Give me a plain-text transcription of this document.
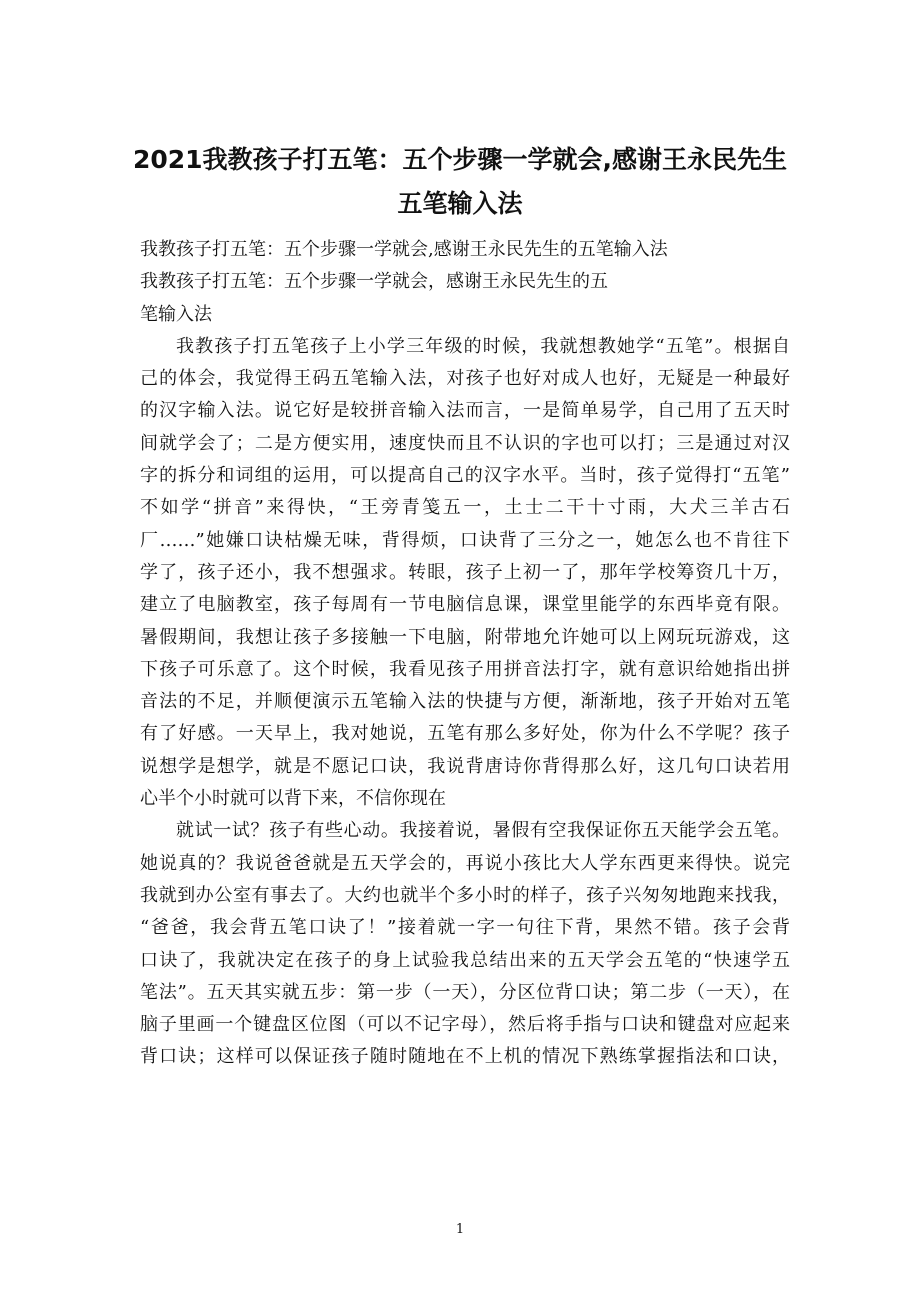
2021我教孩子打五笔：五个步骤一学就会,感谢王永民先生
五笔输入法

我教孩子打五笔：五个步骤一学就会,感谢王永民先生的五笔输入法

我教孩子打五笔：五个步骤一学就会，感谢王永民先生的五
笔输入法

我教孩子打五笔孩子上小学三年级的时候，我就想教她学“五笔”。根据自
己的体会，我觉得王码五笔输入法，对孩子也好对成人也好，无疑是一种最好
的汉字输入法。说它好是较拼音输入法而言，一是简单易学，自己用了五天时
间就学会了；二是方便实用，速度快而且不认识的字也可以打；三是通过对汉
字的拆分和词组的运用，可以提高自己的汉字水平。当时，孩子觉得打“五笔”
不如学“拼音”来得快，“王旁青笺五一，土士二干十寸雨，大犬三羊古石
厂……”她嫌口诀枯燥无味，背得烦，口诀背了三分之一，她怎么也不肯往下
学了，孩子还小，我不想强求。转眼，孩子上初一了，那年学校筹资几十万，
建立了电脑教室，孩子每周有一节电脑信息课，课堂里能学的东西毕竟有限。
暑假期间，我想让孩子多接触一下电脑，附带地允许她可以上网玩玩游戏，这
下孩子可乐意了。这个时候，我看见孩子用拼音法打字，就有意识给她指出拼
音法的不足，并顺便演示五笔输入法的快捷与方便，渐渐地，孩子开始对五笔
有了好感。一天早上，我对她说，五笔有那么多好处，你为什么不学呢？孩子
说想学是想学，就是不愿记口诀，我说背唐诗你背得那么好，这几句口诀若用
心半个小时就可以背下来，不信你现在

就试一试？孩子有些心动。我接着说，暑假有空我保证你五天能学会五笔。
她说真的？我说爸爸就是五天学会的，再说小孩比大人学东西更来得快。说完
我就到办公室有事去了。大约也就半个多小时的样子，孩子兴匆匆地跑来找我，
“爸爸，我会背五笔口诀了！”接着就一字一句往下背，果然不错。孩子会背
口诀了，我就决定在孩子的身上试验我总结出来的五天学会五笔的“快速学五
笔法”。五天其实就五步：第一步（一天），分区位背口诀；第二步（一天），在
脑子里画一个键盘区位图（可以不记字母），然后将手指与口诀和键盘对应起来
背口诀；这样可以保证孩子随时随地在不上机的情况下熟练掌握指法和口诀，

1
